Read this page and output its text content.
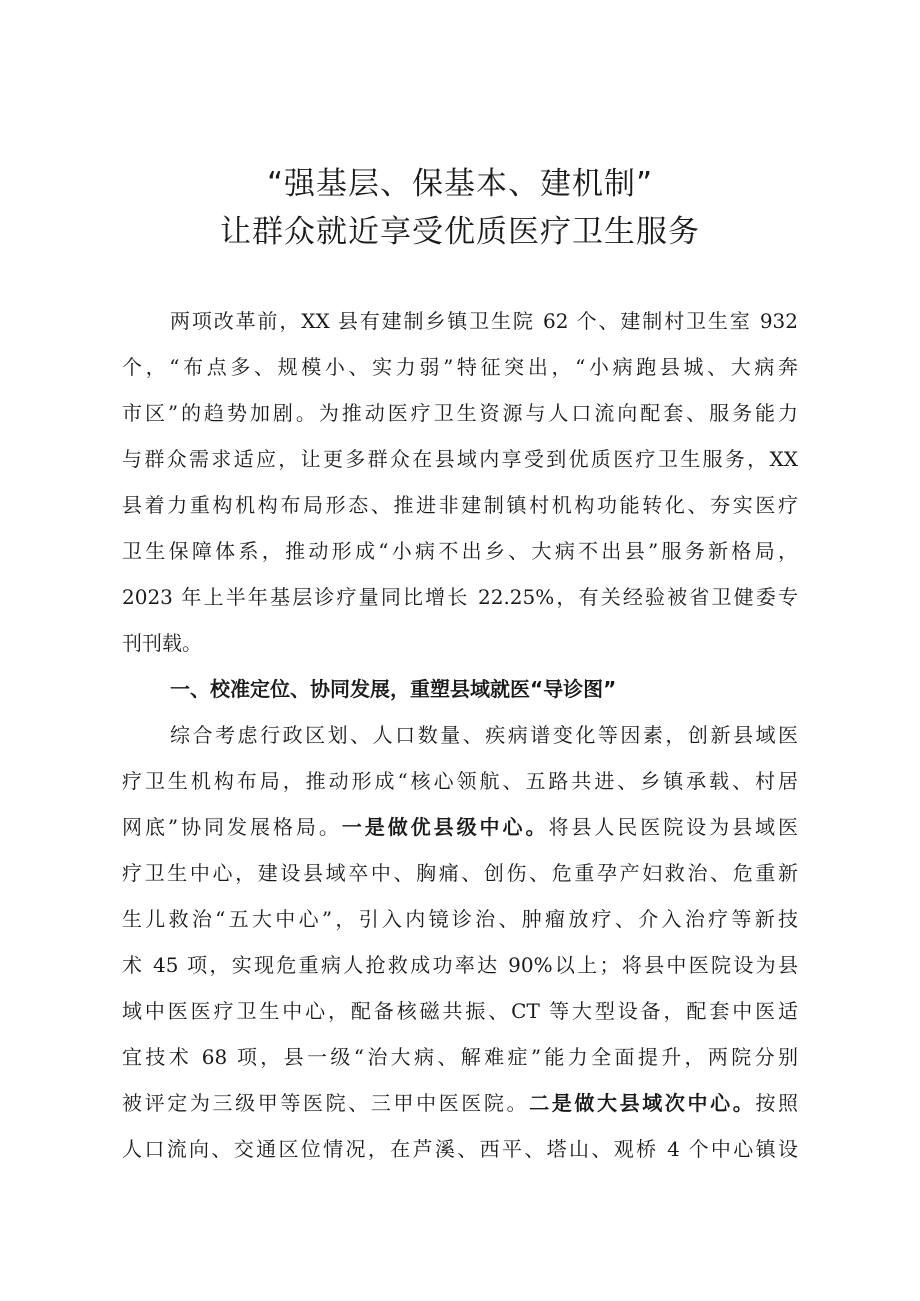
“强基层、保基本、建机制”
让群众就近享受优质医疗卫生服务
两项改革前，XX 县有建制乡镇卫生院 62 个、建制村卫生室 932
个，“布点多、规模小、实力弱”特征突出，“小病跑县城、大病奔
市区”的趋势加剧。为推动医疗卫生资源与人口流向配套、服务能力
与群众需求适应，让更多群众在县域内享受到优质医疗卫生服务，XX
县着力重构机构布局形态、推进非建制镇村机构功能转化、夯实医疗
卫生保障体系，推动形成“小病不出乡、大病不出县”服务新格局，
2023 年上半年基层诊疗量同比增长 22.25%，有关经验被省卫健委专
刊刊载。
一、校准定位、协同发展，重塑县域就医“导诊图”
综合考虑行政区划、人口数量、疾病谱变化等因素，创新县域医
疗卫生机构布局，推动形成“核心领航、五路共进、乡镇承载、村居
网底”协同发展格局。一是做优县级中心。将县人民医院设为县域医
疗卫生中心，建设县域卒中、胸痛、创伤、危重孕产妇救治、危重新
生儿救治“五大中心”，引入内镜诊治、肿瘤放疗、介入治疗等新技
术 45 项，实现危重病人抢救成功率达 90%以上；将县中医院设为县
域中医医疗卫生中心，配备核磁共振、CT 等大型设备，配套中医适
宜技术 68 项，县一级“治大病、解难症”能力全面提升，两院分别
被评定为三级甲等医院、三甲中医医院。二是做大县域次中心。按照
人口流向、交通区位情况，在芦溪、西平、塔山、观桥 4 个中心镇设
